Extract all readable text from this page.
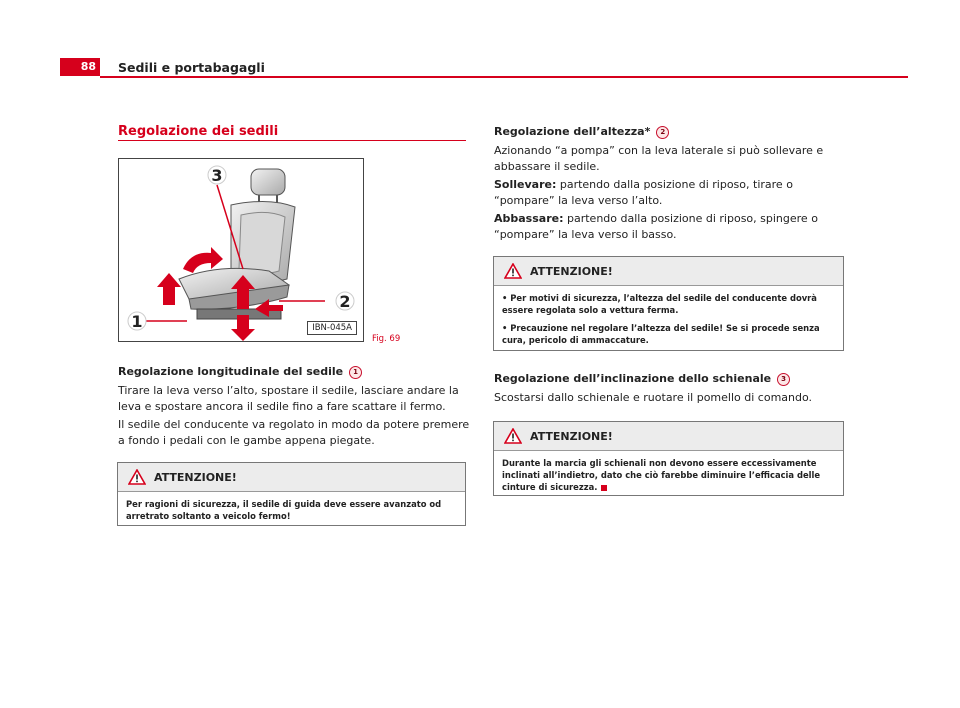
88	Sedili e portabagagli
Regolazione dei sedili
1
2
3
IBN-045A
Fig. 69
Regolazione longitudinale del sedile 1
Tirare la leva verso l’alto, spostare il sedile, lasciare andare la leva e spostare ancora il sedile fino a fare scattare il fermo.
Il sedile del conducente va regolato in modo da potere premere a fondo i pedali con le gambe appena piegate.
ATTENZIONE!

Per ragioni di sicurezza, il sedile di guida deve essere avanzato od arretrato soltanto a veicolo fermo!

Regolazione dell’altezza* 2
Azionando “a pompa” con la leva laterale si può sollevare e abbassare il sedile.
Sollevare: partendo dalla posizione di riposo, tirare o “pompare” la leva verso l’alto.
Abbassare: partendo dalla posizione di riposo, spingere o “pompare” la leva verso il basso.
ATTENZIONE!

• Per motivi di sicurezza, l’altezza del sedile del conducente dovrà essere regolata solo a vettura ferma.

• Precauzione nel regolare l’altezza del sedile! Se si procede senza cura, pericolo di ammaccature.

Regolazione dell’inclinazione dello schienale 3
Scostarsi dallo schienale e ruotare il pomello di comando.
ATTENZIONE!

Durante la marcia gli schienali non devono essere eccessivamente inclinati all’indietro, dato che ciò farebbe diminuire l’efficacia delle cinture di sicurezza.
